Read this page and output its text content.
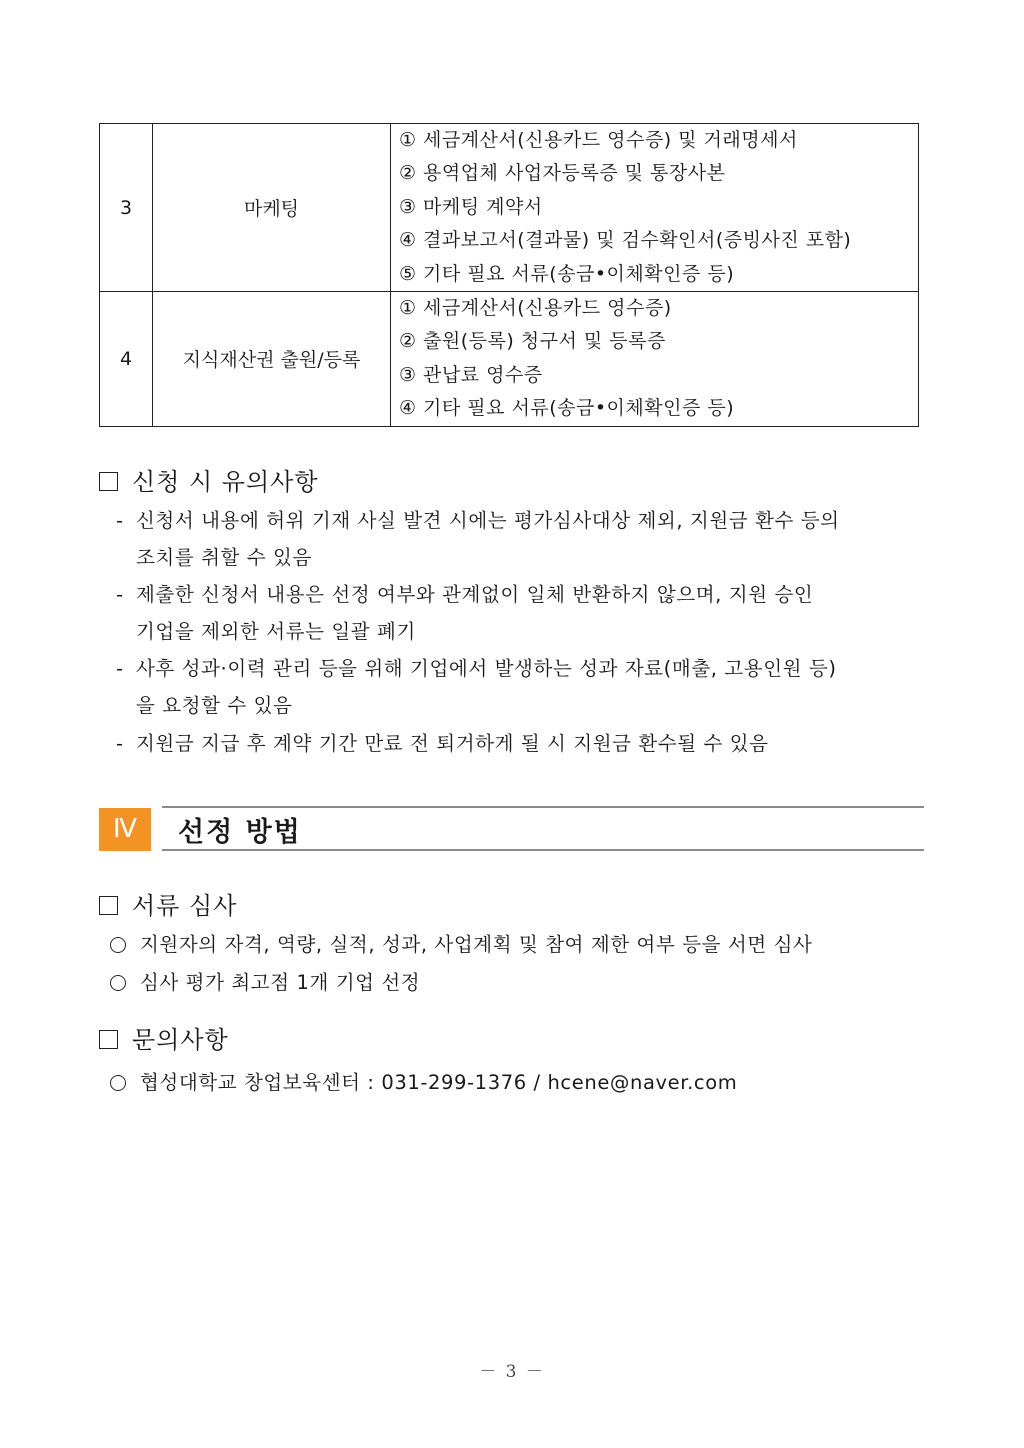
3	마케팅	① 세금계산서(신용카드 영수증) 및 거래명세서
② 용역업체 사업자등록증 및 통장사본
③ 마케팅 계약서
④ 결과보고서(결과물) 및 검수확인서(증빙사진 포함)
⑤ 기타 필요 서류(송금•이체확인증 등)

4	지식재산권 출원/등록	① 세금계산서(신용카드 영수증)
② 출원(등록) 청구서 및 등록증
③ 관납료 영수증
④ 기타 필요 서류(송금•이체확인증 등)
신청 시 유의사항
- 신청서 내용에 허위 기재 사실 발견 시에는 평가심사대상 제외, 지원금 환수 등의
조치를 취할 수 있음
- 제출한 신청서 내용은 선정 여부와 관계없이 일체 반환하지 않으며, 지원 승인
기업을 제외한 서류는 일괄 폐기
- 사후 성과·이력 관리 등을 위해 기업에서 발생하는 성과 자료(매출, 고용인원 등)
을 요청할 수 있음
- 지원금 지급 후 계약 기간 만료 전 퇴거하게 될 시 지원금 환수될 수 있음
Ⅳ	선정 방법
서류 심사
지원자의 자격, 역량, 실적, 성과, 사업계획 및 참여 제한 여부 등을 서면 심사
심사 평가 최고점 1개 기업 선정
문의사항
협성대학교 창업보육센터 : 031-299-1376 / hcene@naver.com
－ 3 －
